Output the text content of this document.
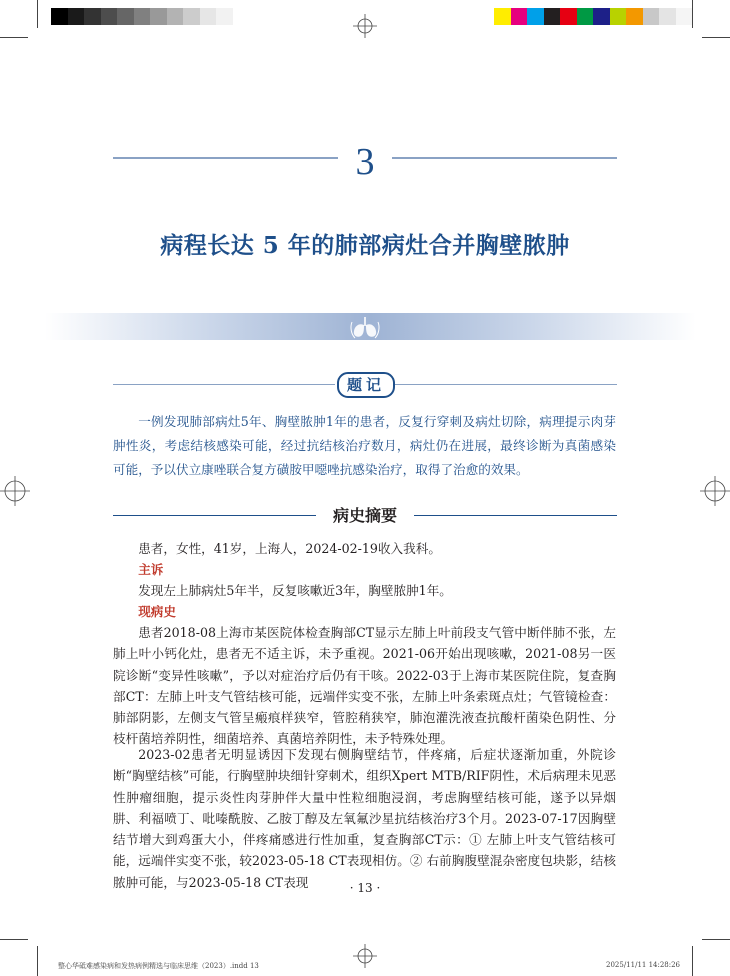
3
病程长达 5 年的肺部病灶合并胸壁脓肿
题记
一例发现肺部病灶5年、胸壁脓肿1年的患者，反复行穿刺及病灶切除，病理提示肉芽肿性炎，考虑结核感染可能，经过抗结核治疗数月，病灶仍在进展，最终诊断为真菌感染可能，予以伏立康唑联合复方磺胺甲噁唑抗感染治疗，取得了治愈的效果。
病史摘要
患者，女性，41岁，上海人，2024-02-19收入我科。
主诉
发现左上肺病灶5年半，反复咳嗽近3年，胸壁脓肿1年。
现病史
患者2018-08上海市某医院体检查胸部CT显示左肺上叶前段支气管中断伴肺不张，左肺上叶小钙化灶，患者无不适主诉，未予重视。2021-06开始出现咳嗽，2021-08另一医院诊断“变异性咳嗽”，予以对症治疗后仍有干咳。2022-03于上海市某医院住院，复查胸部CT：左肺上叶支气管结核可能，远端伴实变不张，左肺上叶条索斑点灶；气管镜检查：肺部阴影，左侧支气管呈瘢痕样狭窄，管腔稍狭窄，肺泡灌洗液查抗酸杆菌染色阴性、分枝杆菌培养阴性，细菌培养、真菌培养阴性，未予特殊处理。
2023-02患者无明显诱因下发现右侧胸壁结节，伴疼痛，后症状逐渐加重，外院诊断“胸壁结核”可能，行胸壁肿块细针穿刺术，组织Xpert MTB/RIF阴性，术后病理未见恶性肿瘤细胞，提示炎性肉芽肿伴大量中性粒细胞浸润，考虑胸壁结核可能，遂予以异烟肼、利福喷丁、吡嗪酰胺、乙胺丁醇及左氧氟沙星抗结核治疗3个月。2023-07-17因胸壁结节增大到鸡蛋大小，伴疼痛感进行性加重，复查胸部CT示：① 左肺上叶支气管结核可能，远端伴实变不张，较2023-05-18 CT表现相仿。② 右前胸腹壁混杂密度包块影，结核脓肿可能，与2023-05-18 CT表现	· 13 ·
整心华砥难感染病和发热病例精选与临床思维（2023）.indd 13	2025/11/11 14:28:26
